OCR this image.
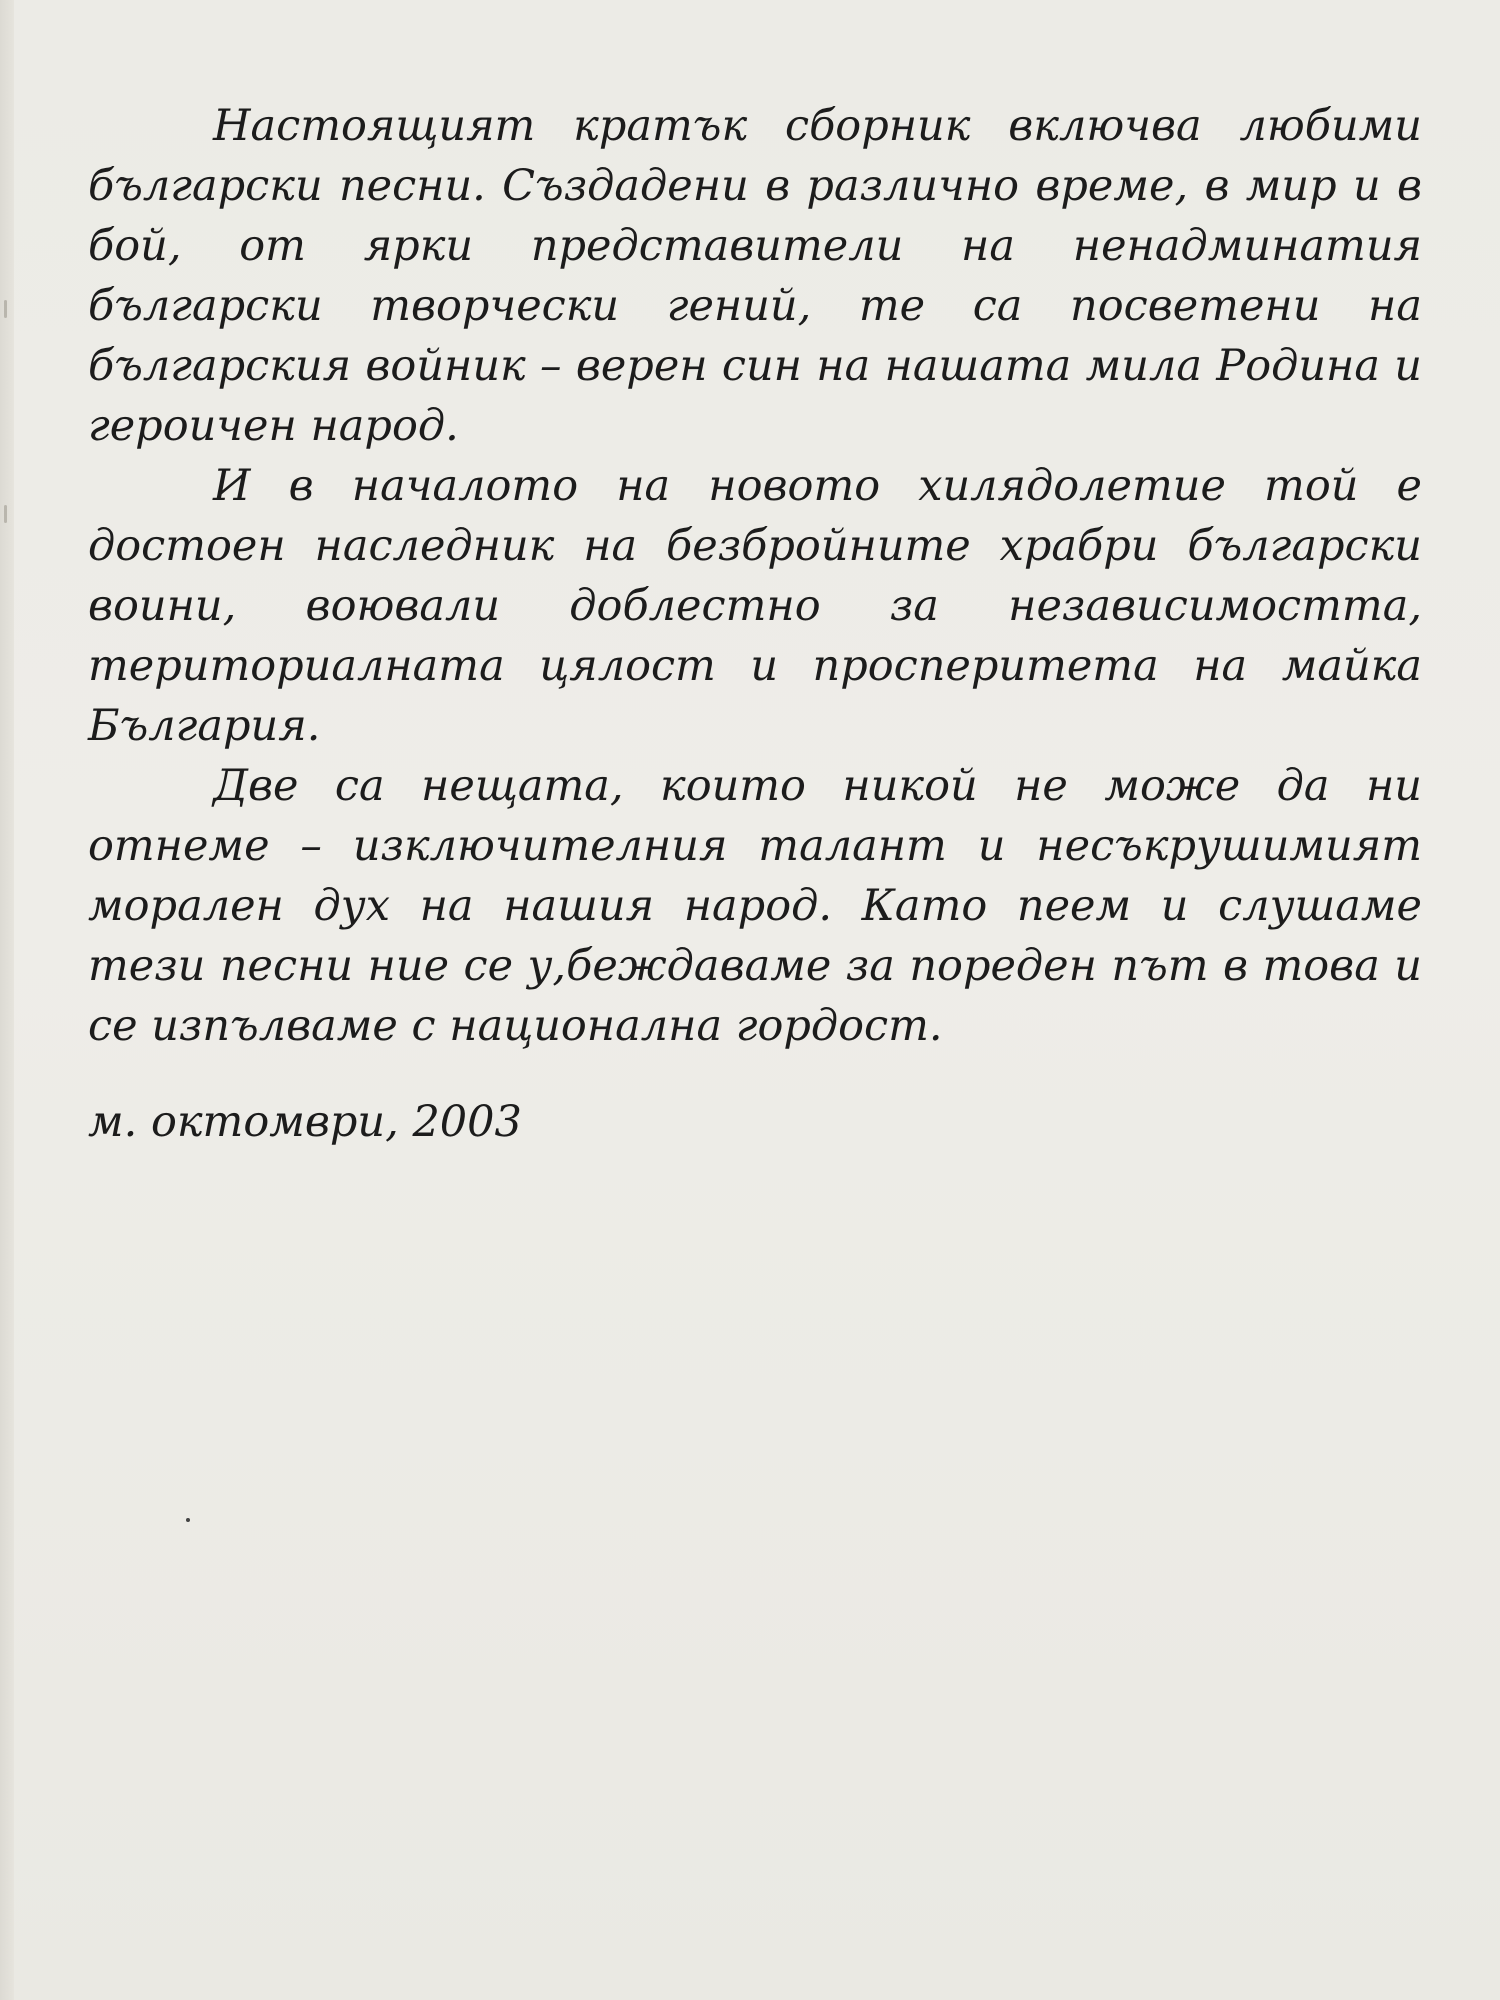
Настоящият кратък сборник включва любими български песни. Създадени в различно време, в мир и в бой, от ярки представители на ненадминатия български творчески гений, те са посветени на българския войник – верен син на нашата мила Родина и героичен народ.

И в началото на новото хилядолетие той е достоен наследник на безбройните храбри български воини, воювали доблестно за независимостта, териториалната цялост и просперитета на майка България.

Две са нещата, които никой не може да ни отнеме – изключителния талант и несъкрушимият морален дух на нашия народ. Като пеем и слушаме тези песни ние се у,беждаваме за пореден път в това и се изпълваме с национална гордост.

м. октомври, 2003
